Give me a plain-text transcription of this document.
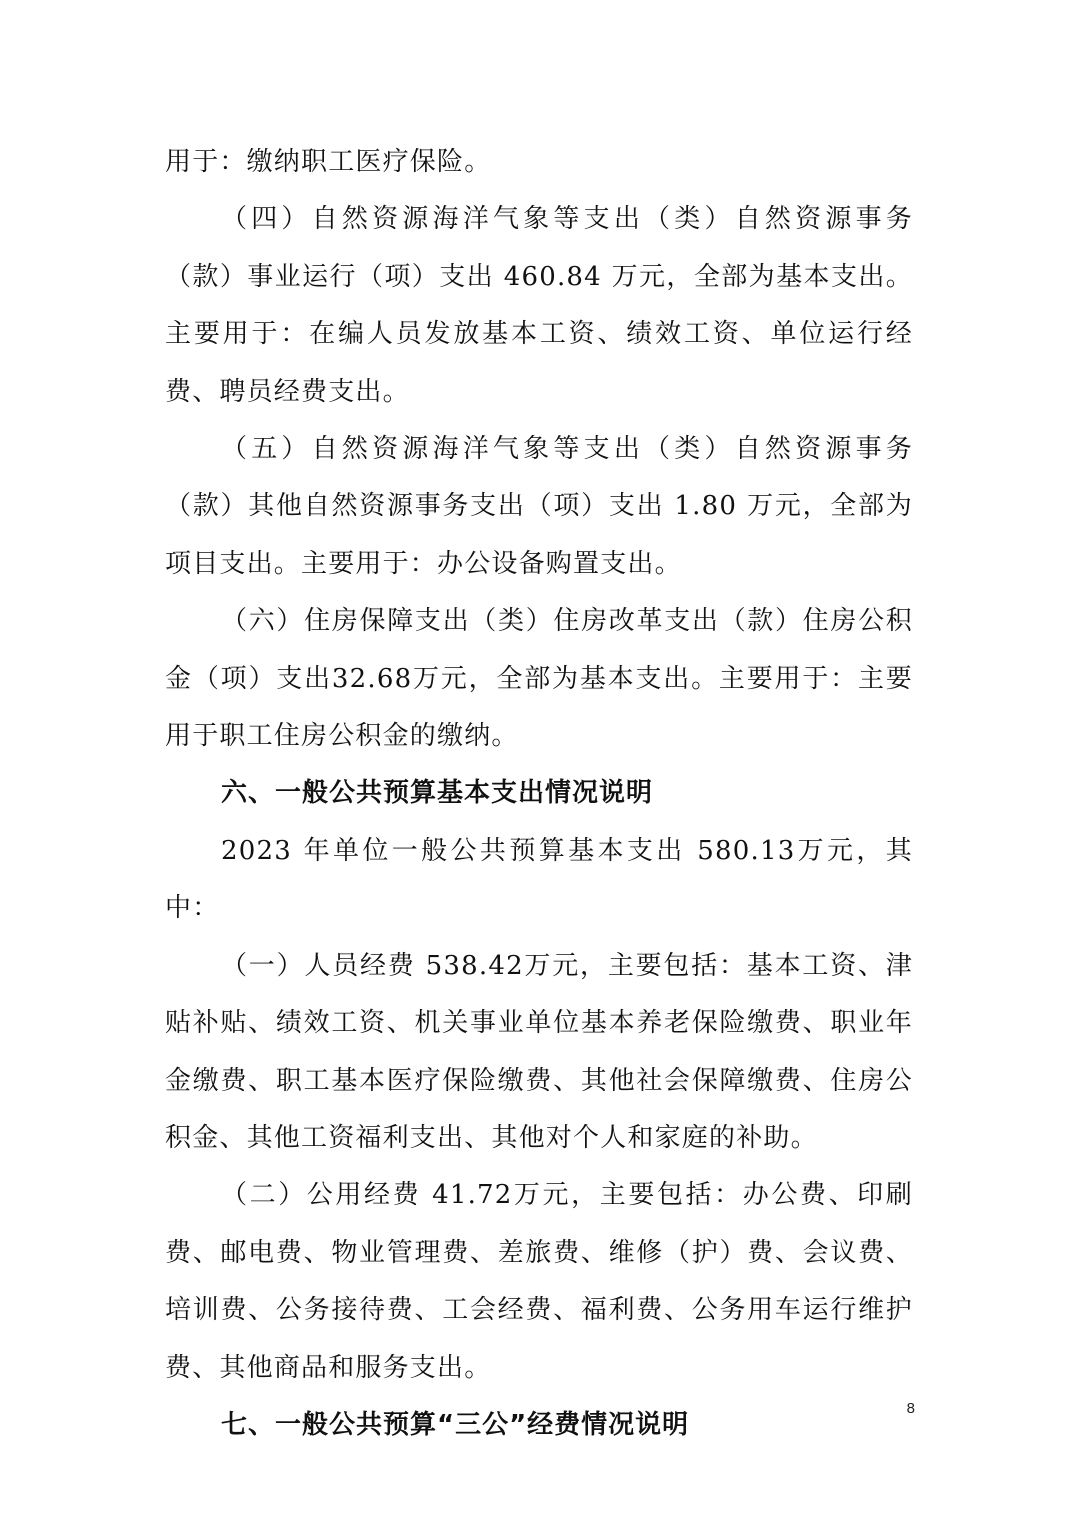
用于：缴纳职工医疗保险。

（四）自然资源海洋气象等支出（类）自然资源事务（款）事业运行（项）支出 460.84 万元，全部为基本支出。主要用于：在编人员发放基本工资、绩效工资、单位运行经费、聘员经费支出。

（五）自然资源海洋气象等支出（类）自然资源事务（款）其他自然资源事务支出（项）支出 1.80 万元，全部为项目支出。主要用于：办公设备购置支出。

（六）住房保障支出（类）住房改革支出（款）住房公积金（项）支出32.68万元，全部为基本支出。主要用于：主要用于职工住房公积金的缴纳。

六、一般公共预算基本支出情况说明

2023 年单位一般公共预算基本支出 580.13万元，其中：

（一）人员经费 538.42万元，主要包括：基本工资、津贴补贴、绩效工资、机关事业单位基本养老保险缴费、职业年金缴费、职工基本医疗保险缴费、其他社会保障缴费、住房公积金、其他工资福利支出、其他对个人和家庭的补助。

（二）公用经费 41.72万元，主要包括：办公费、印刷费、邮电费、物业管理费、差旅费、维修（护）费、会议费、培训费、公务接待费、工会经费、福利费、公务用车运行维护费、其他商品和服务支出。

七、一般公共预算“三公”经费情况说明
8
